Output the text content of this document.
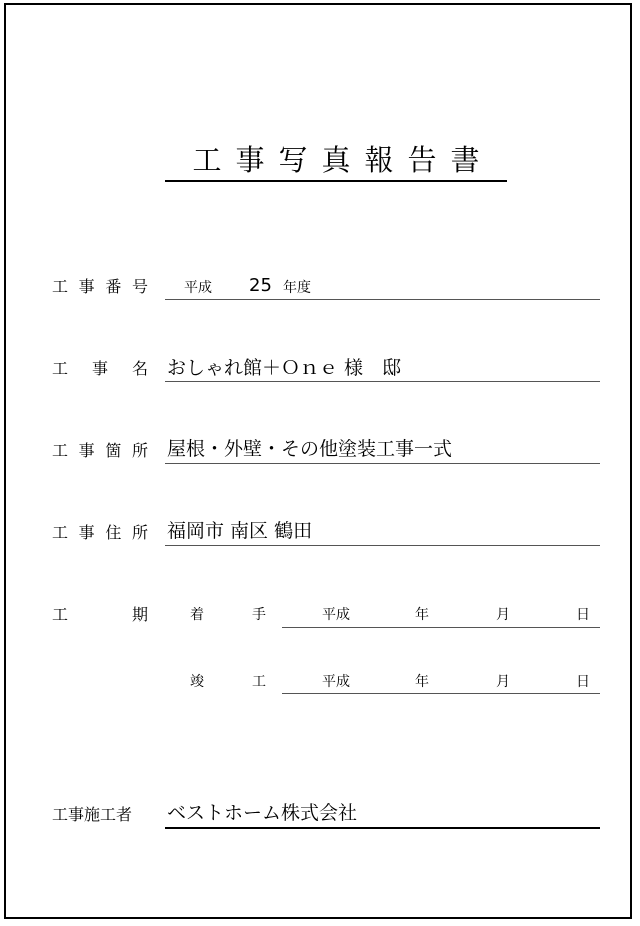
工事写真報告書
工 事 番 号	平成 25 年度
工 事 名 おしゃれ館＋Ｏｎｅ 様　邸
工 事 箇 所 屋根・外壁・その他塗装工事一式
工 事 住 所 福岡市 南区 鶴田
工	期	着	手	平成	年	月	日
竣	工	平成	年	月	日
工事施工者	ベストホーム株式会社
